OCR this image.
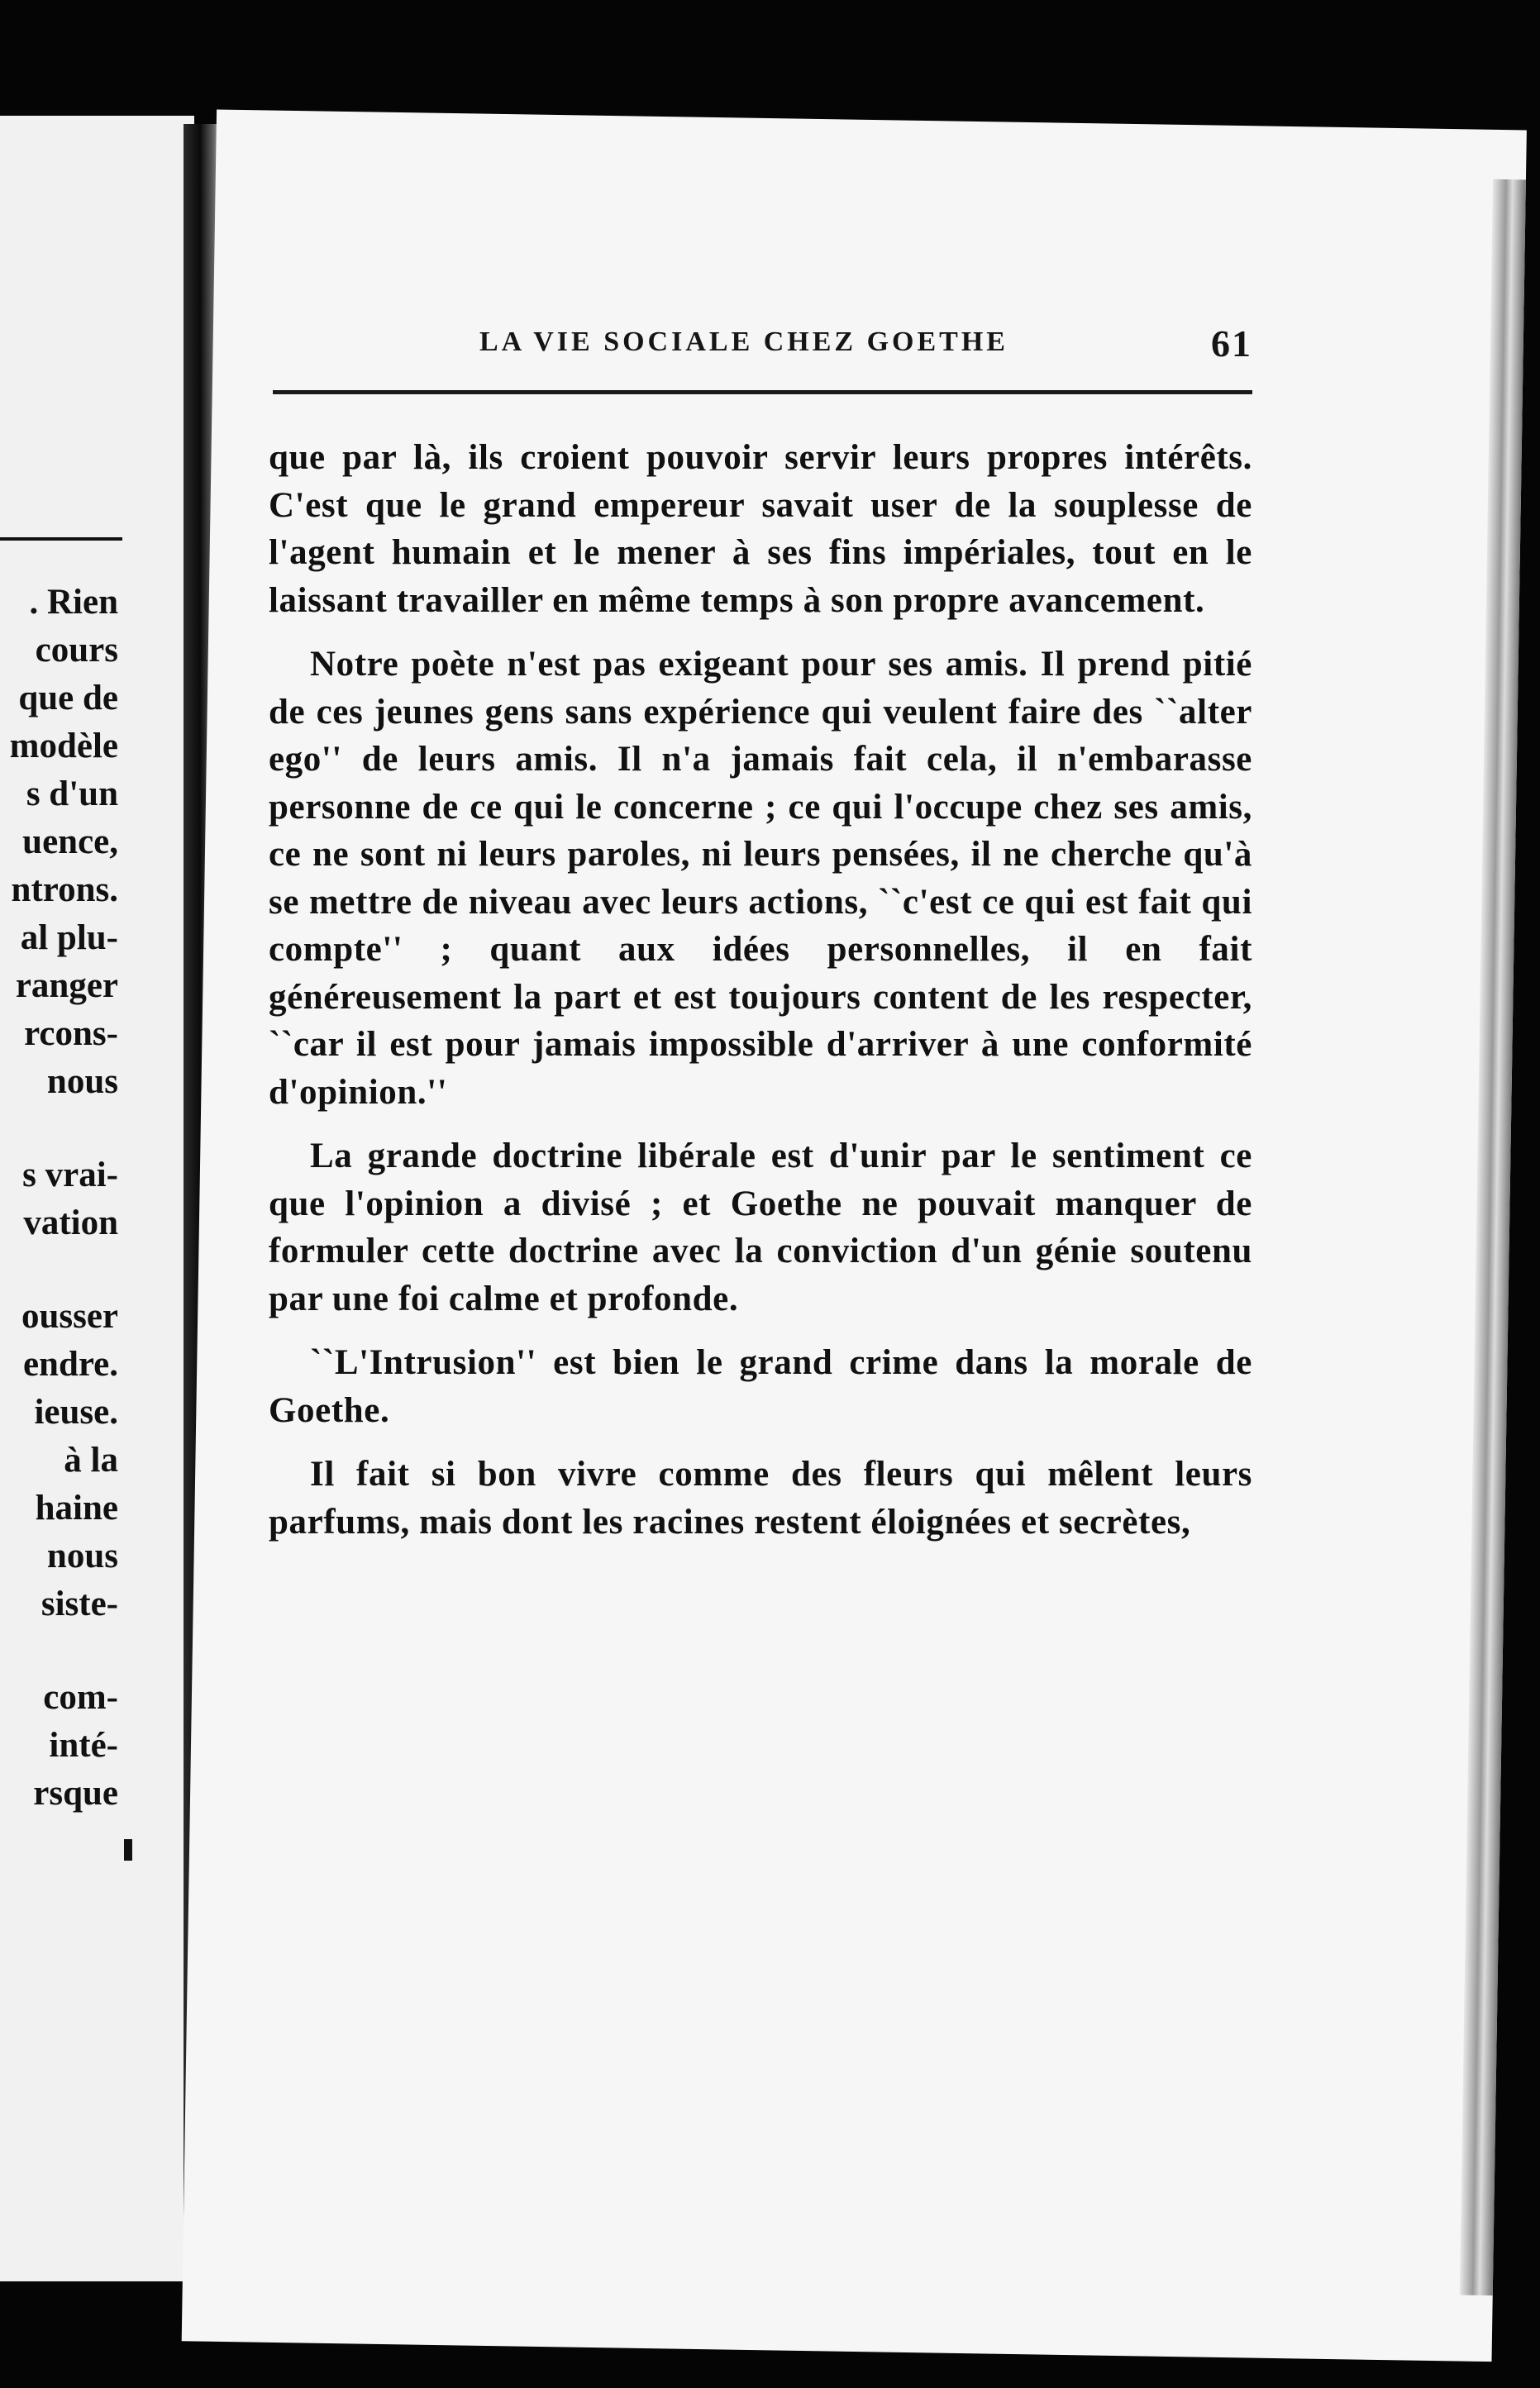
. Rien
cours
que de
modèle
s d'un
uence,
ntrons.
al plu-
ranger
rcons-
nous
s vrai-
vation
ousser
endre.
ieuse.
à la
haine
nous
siste-
com-
inté-
rsque
LA VIE SOCIALE CHEZ GOETHE	61

que par là, ils croient pouvoir servir leurs propres intérêts. C'est que le grand empereur savait user de la souplesse de l'agent humain et le mener à ses fins impériales, tout en le laissant travailler en même temps à son propre avancement.

Notre poète n'est pas exigeant pour ses amis. Il prend pitié de ces jeunes gens sans expérience qui veulent faire des ``alter ego'' de leurs amis. Il n'a jamais fait cela, il n'embarasse personne de ce qui le concerne ; ce qui l'occupe chez ses amis, ce ne sont ni leurs paroles, ni leurs pensées, il ne cherche qu'à se mettre de niveau avec leurs actions, ``c'est ce qui est fait qui compte'' ; quant aux idées personnelles, il en fait généreusement la part et est toujours content de les respecter, ``car il est pour jamais impossible d'arriver à une conformité d'opinion.''

La grande doctrine libérale est d'unir par le sentiment ce que l'opinion a divisé ; et Goethe ne pouvait manquer de formuler cette doctrine avec la conviction d'un génie soutenu par une foi calme et profonde.

``L'Intrusion'' est bien le grand crime dans la morale de Goethe.

Il fait si bon vivre comme des fleurs qui mêlent leurs parfums, mais dont les racines restent éloignées et secrètes,
